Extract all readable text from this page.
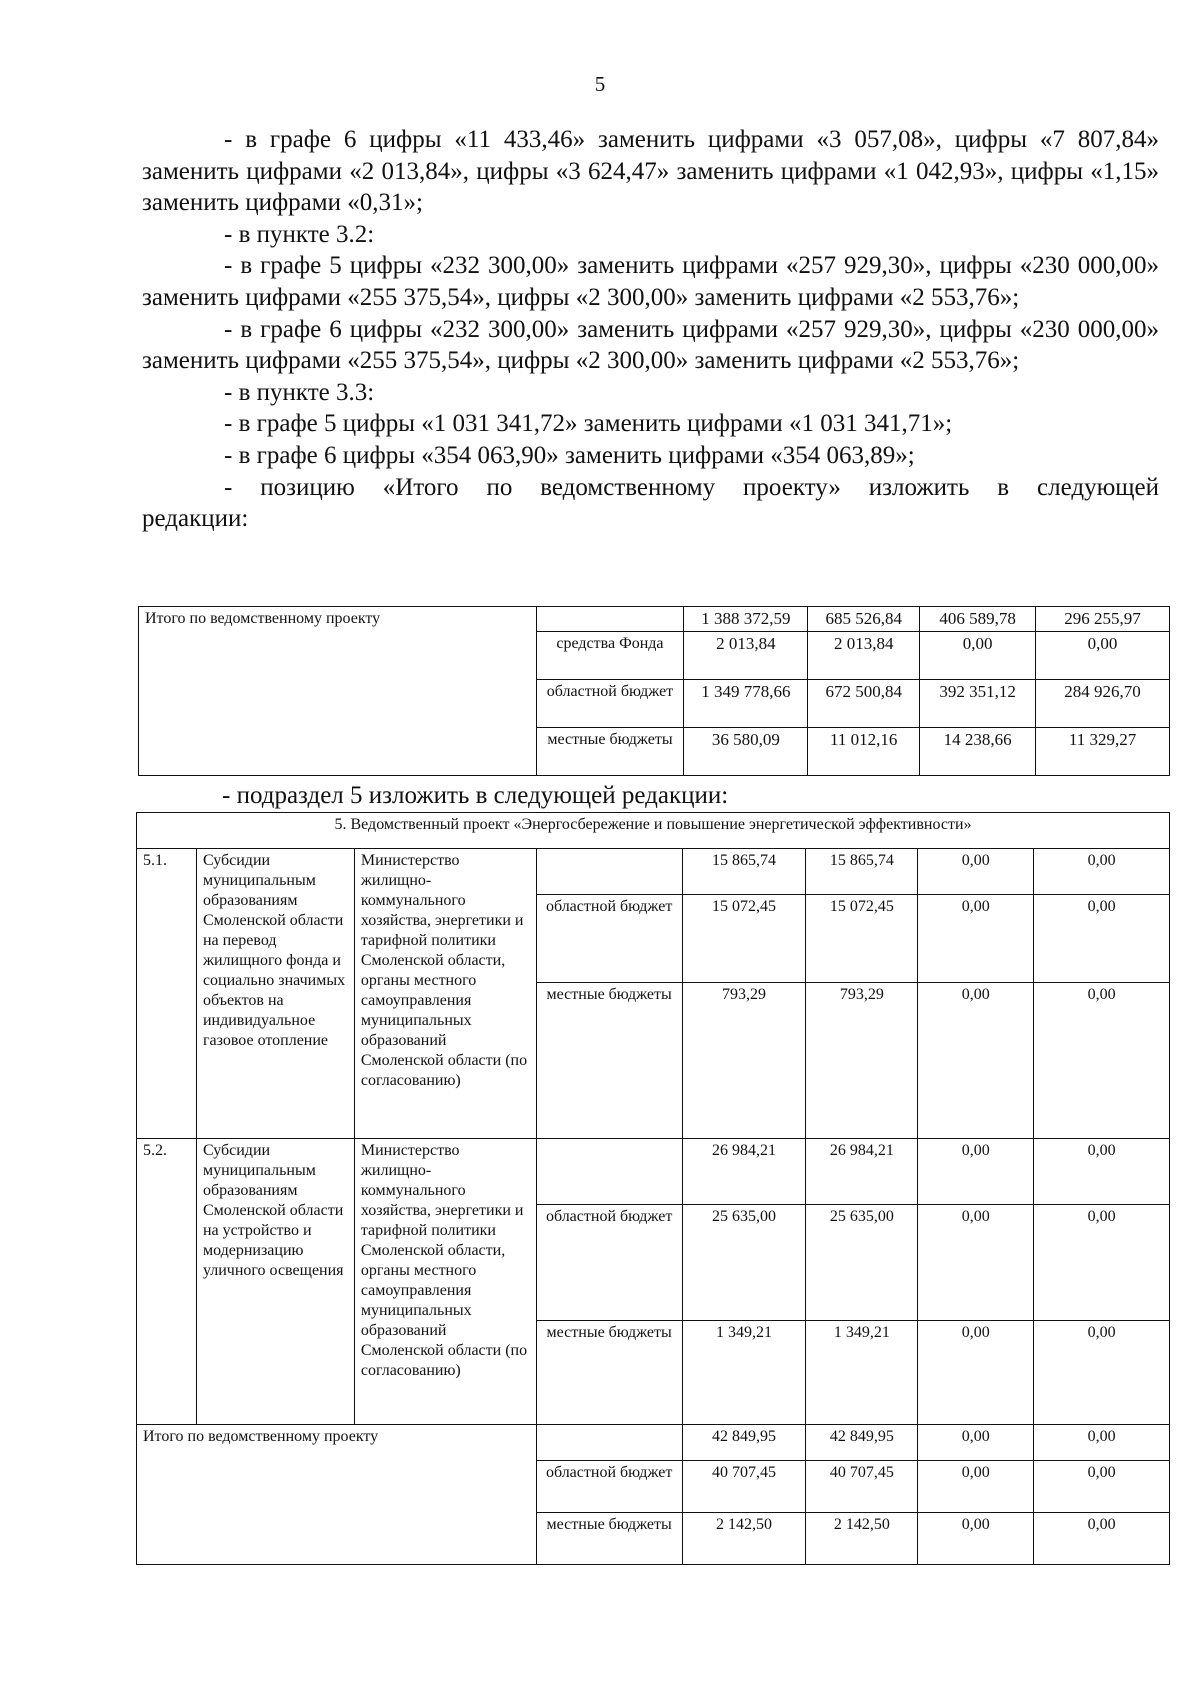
5

- в графе 6 цифры «11 433,46» заменить цифрами «3 057,08», цифры «7 807,84» заменить цифрами «2 013,84», цифры «3 624,47» заменить цифрами «1 042,93», цифры «1,15» заменить цифрами «0,31»;

- в пункте 3.2:

- в графе 5 цифры «232 300,00» заменить цифрами «257 929,30», цифры «230 000,00» заменить цифрами «255 375,54», цифры «2 300,00» заменить цифрами «2 553,76»;

- в графе 6 цифры «232 300,00» заменить цифрами «257 929,30», цифры «230 000,00» заменить цифрами «255 375,54», цифры «2 300,00» заменить цифрами «2 553,76»;

- в пункте 3.3:

- в графе 5 цифры «1 031 341,72» заменить цифрами «1 031 341,71»;

- в графе 6 цифры «354 063,90» заменить цифрами «354 063,89»;

- позицию «Итого по ведомственному проекту» изложить в следующей

редакции:

Итого по ведомственному проекту		1 388 372,59	685 526,84	406 589,78	296 255,97
	средства Фонда	2 013,84	2 013,84	0,00	0,00
	областной бюджет	1 349 778,66	672 500,84	392 351,12	284 926,70
	местные бюджеты	36 580,09	11 012,16	14 238,66	11 329,27
- подраздел 5 изложить в следующей редакции:
5. Ведомственный проект «Энергосбережение и повышение энергетической эффективности»							
5.1.	Субсидии муниципальным образованиям Смоленской области на перевод жилищного фонда и социально значимых объектов на индивидуальное газовое отопление	Министерство жилищно-коммунального хозяйства, энергетики и тарифной политики Смоленской области, органы местного самоуправления муниципальных образований Смоленской области (по согласованию)		15 865,74	15 865,74	0,00	0,00
			областной бюджет	15 072,45	15 072,45	0,00	0,00
			местные бюджеты	793,29	793,29	0,00	0,00
5.2.	Субсидии муниципальным образованиям Смоленской области на устройство и модернизацию уличного освещения	Министерство жилищно-коммунального хозяйства, энергетики и тарифной политики Смоленской области, органы местного самоуправления муниципальных образований Смоленской области (по согласованию)		26 984,21	26 984,21	0,00	0,00
			областной бюджет	25 635,00	25 635,00	0,00	0,00
			местные бюджеты	1 349,21	1 349,21	0,00	0,00
Итого по ведомственному проекту				42 849,95	42 849,95	0,00	0,00
			областной бюджет	40 707,45	40 707,45	0,00	0,00
			местные бюджеты	2 142,50	2 142,50	0,00	0,00
